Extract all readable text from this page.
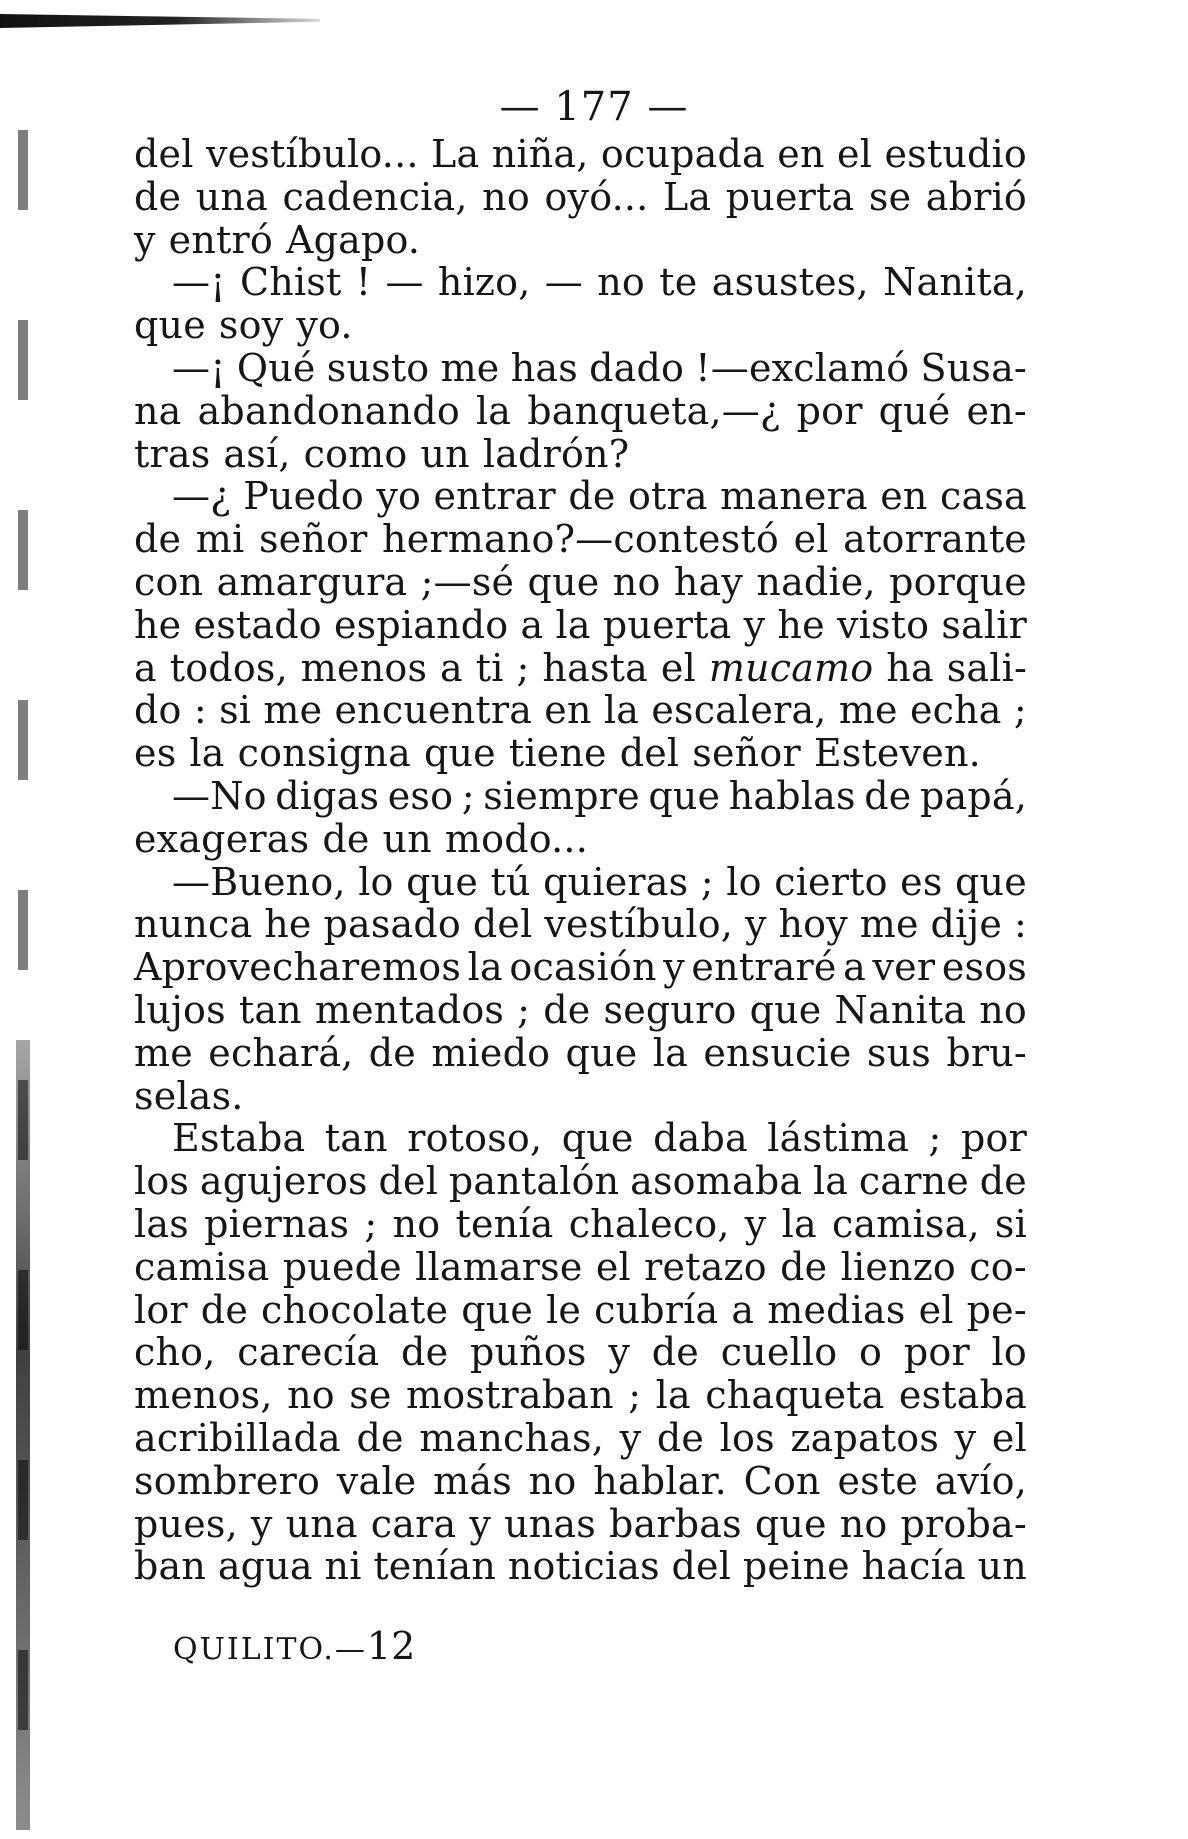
— 177 —
del vestíbulo... La niña, ocupada en el estudio
de una cadencia, no oyó... La puerta se abrió
y entró Agapo.
—¡ Chist ! — hizo, — no te asustes, Nanita,
que soy yo.
—¡ Qué susto me has dado !—exclamó Susa-
na abandonando la banqueta,—¿ por qué en-
tras así, como un ladrón?
—¿ Puedo yo entrar de otra manera en casa
de mi señor hermano?—contestó el atorrante
con amargura ;—sé que no hay nadie, porque
he estado espiando a la puerta y he visto salir
a todos, menos a ti ; hasta el mucamo ha sali-
do : si me encuentra en la escalera, me echa ;
es la consigna que tiene del señor Esteven.
—No digas eso ; siempre que hablas de papá,
exageras de un modo...
—Bueno, lo que tú quieras ; lo cierto es que
nunca he pasado del vestíbulo, y hoy me dije :
Aprovecharemos la ocasión y entraré a ver esos
lujos tan mentados ; de seguro que Nanita no
me echará, de miedo que la ensucie sus bru-
selas.
Estaba tan rotoso, que daba lástima ; por
los agujeros del pantalón asomaba la carne de
las piernas ; no tenía chaleco, y la camisa, si
camisa puede llamarse el retazo de lienzo co-
lor de chocolate que le cubría a medias el pe-
cho, carecía de puños y de cuello o por lo
menos, no se mostraban ; la chaqueta estaba
acribillada de manchas, y de los zapatos y el
sombrero vale más no hablar. Con este avío,
pues, y una cara y unas barbas que no proba-
ban agua ni tenían noticias del peine hacía un
QUILITO.—12
